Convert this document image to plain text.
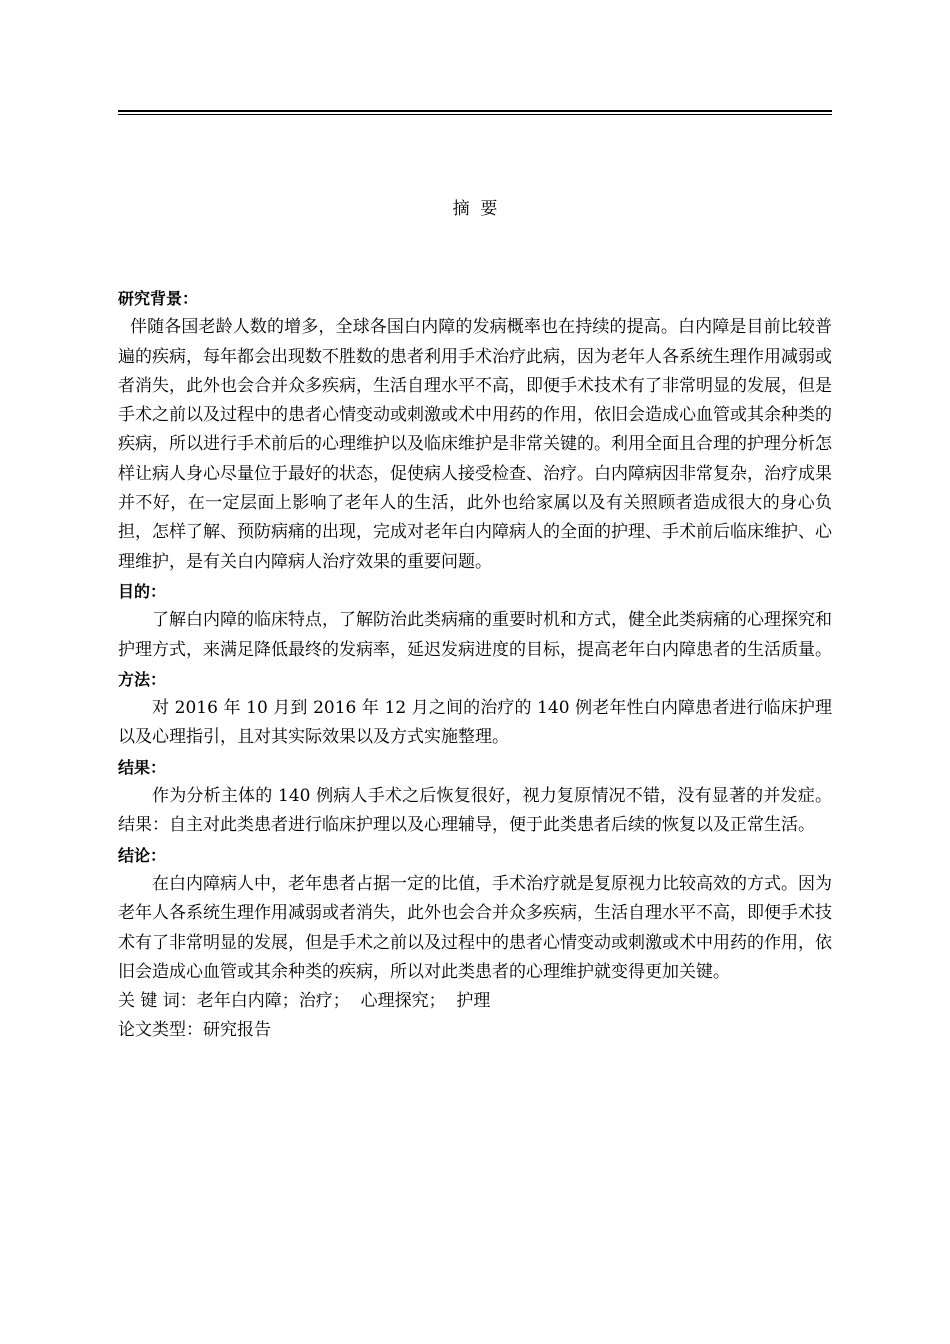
摘  要
研究背景：
伴随各国老龄人数的增多，全球各国白内障的发病概率也在持续的提高。白内障是目前比较普遍的疾病，每年都会出现数不胜数的患者利用手术治疗此病，因为老年人各系统生理作用减弱或者消失，此外也会合并众多疾病，生活自理水平不高，即便手术技术有了非常明显的发展，但是手术之前以及过程中的患者心情变动或刺激或术中用药的作用，依旧会造成心血管或其余种类的疾病，所以进行手术前后的心理维护以及临床维护是非常关键的。利用全面且合理的护理分析怎样让病人身心尽量位于最好的状态，促使病人接受检查、治疗。白内障病因非常复杂，治疗成果并不好，在一定层面上影响了老年人的生活，此外也给家属以及有关照顾者造成很大的身心负担，怎样了解、预防病痛的出现，完成对老年白内障病人的全面的护理、手术前后临床维护、心理维护，是有关白内障病人治疗效果的重要问题。
目的：
了解白内障的临床特点，了解防治此类病痛的重要时机和方式，健全此类病痛的心理探究和护理方式，来满足降低最终的发病率，延迟发病进度的目标，提高老年白内障患者的生活质量。
方法：
对 2016 年 10 月到 2016 年 12 月之间的治疗的 140 例老年性白内障患者进行临床护理以及心理指引，且对其实际效果以及方式实施整理。
结果：
作为分析主体的 140 例病人手术之后恢复很好，视力复原情况不错，没有显著的并发症。结果：自主对此类患者进行临床护理以及心理辅导，便于此类患者后续的恢复以及正常生活。
结论：
在白内障病人中，老年患者占据一定的比值，手术治疗就是复原视力比较高效的方式。因为老年人各系统生理作用减弱或者消失，此外也会合并众多疾病，生活自理水平不高，即便手术技术有了非常明显的发展，但是手术之前以及过程中的患者心情变动或刺激或术中用药的作用，依旧会造成心血管或其余种类的疾病，所以对此类患者的心理维护就变得更加关键。
关 键 词：老年白内障；治疗；  心理探究；  护理
论文类型：研究报告
